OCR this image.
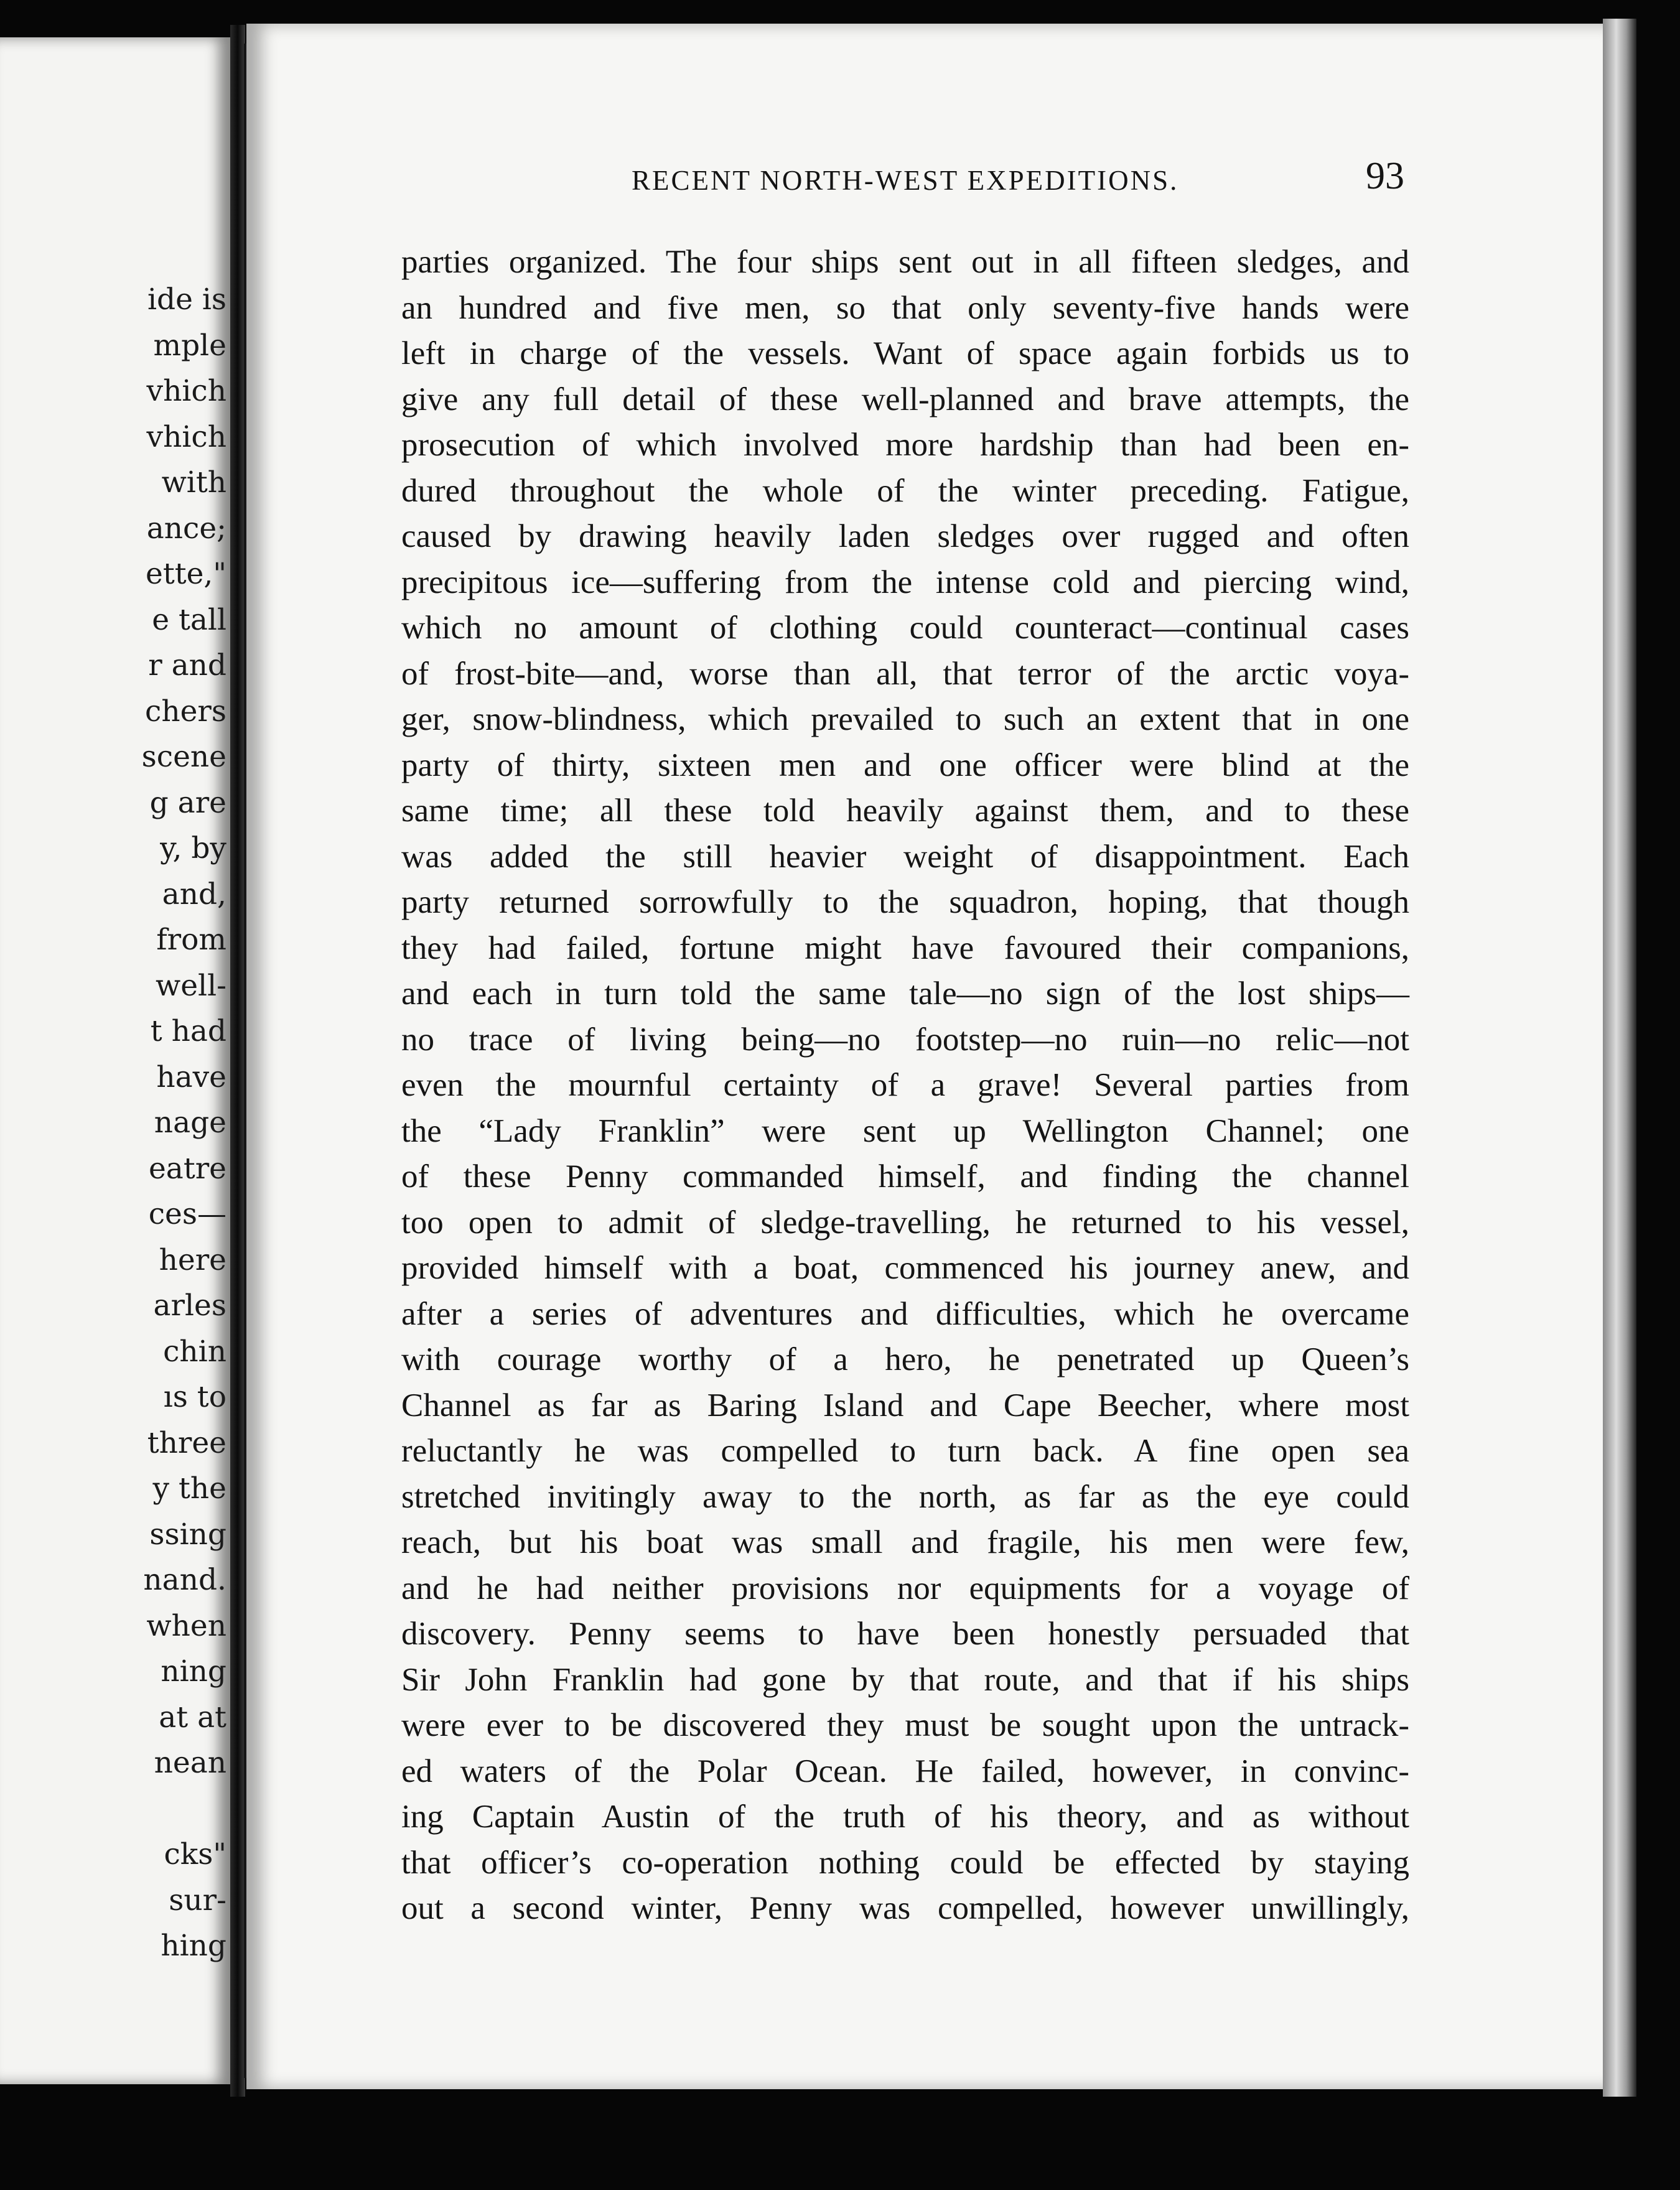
ide is
mple
vhich
vhich
with
ance;
ette,"
e tall
r and
chers
scene
g are
y, by
and,
from
well-
t had
have
nage
eatre
ces—
here
arles
chin
ıs to
three
y the
ssing
nand.
when
ning
at at
nean
cks"
sur-
hing
RECENT NORTH-WEST EXPEDITIONS.	93
parties organized. The four ships sent out in all fifteen sledges, and
an hundred and five men, so that only seventy-five hands were
left in charge of the vessels. Want of space again forbids us to
give any full detail of these well-planned and brave attempts, the
prosecution of which involved more hardship than had been en-
dured throughout the whole of the winter preceding. Fatigue,
caused by drawing heavily laden sledges over rugged and often
precipitous ice—suffering from the intense cold and piercing wind,
which no amount of clothing could counteract—continual cases
of frost-bite—and, worse than all, that terror of the arctic voya-
ger, snow-blindness, which prevailed to such an extent that in one
party of thirty, sixteen men and one officer were blind at the
same time; all these told heavily against them, and to these
was added the still heavier weight of disappointment. Each
party returned sorrowfully to the squadron, hoping, that though
they had failed, fortune might have favoured their companions,
and each in turn told the same tale—no sign of the lost ships—
no trace of living being—no footstep—no ruin—no relic—not
even the mournful certainty of a grave! Several parties from
the “Lady Franklin” were sent up Wellington Channel; one
of these Penny commanded himself, and finding the channel
too open to admit of sledge-travelling, he returned to his vessel,
provided himself with a boat, commenced his journey anew, and
after a series of adventures and difficulties, which he overcame
with courage worthy of a hero, he penetrated up Queen’s
Channel as far as Baring Island and Cape Beecher, where most
reluctantly he was compelled to turn back. A fine open sea
stretched invitingly away to the north, as far as the eye could
reach, but his boat was small and fragile, his men were few,
and he had neither provisions nor equipments for a voyage of
discovery. Penny seems to have been honestly persuaded that
Sir John Franklin had gone by that route, and that if his ships
were ever to be discovered they must be sought upon the untrack-
ed waters of the Polar Ocean. He failed, however, in convinc-
ing Captain Austin of the truth of his theory, and as without
that officer’s co-operation nothing could be effected by staying
out a second winter, Penny was compelled, however unwillingly,
